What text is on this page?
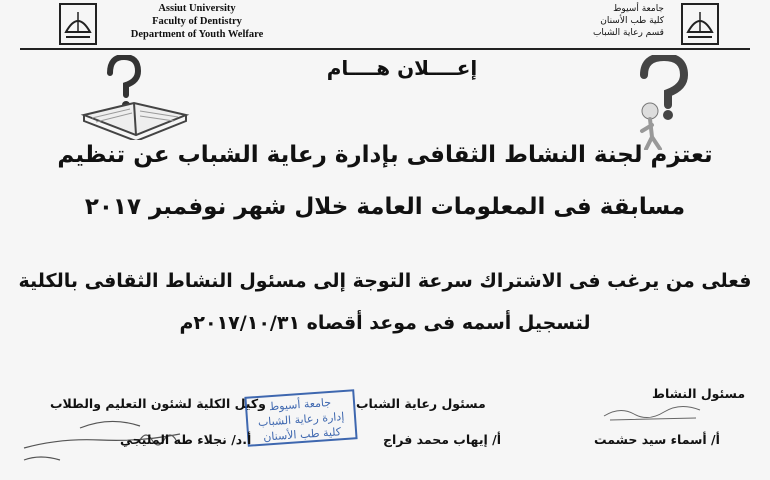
Assiut University
Faculty of Dentistry
Department of Youth Welfare
جامعة أسيوط
كلية طب الأسنان
قسم رعاية الشباب
إعــــلان هــــام
تعتزم لجنة النشاط الثقافى بإدارة رعاية الشباب عن تنظيم
مسابقة فى المعلومات العامة خلال شهر نوفمبر ٢٠١٧
فعلى من يرغب فى الاشتراك سرعة التوجة إلى مسئول النشاط الثقافى بالكلية
لتسجيل أسمه فى موعد أقصاه ٢٠١٧/١٠/٣١م
وكيل الكلية لشئون التعليم والطلاب	مسئول رعاية الشباب
مسئول النشاط
جامعة أسيوط
إدارة رعاية الشباب
كلية طب الأسنان
أ.د/ نجلاء طه المليجي	أ/ إيهاب محمد فراج	أ/ أسماء سيد حشمت
